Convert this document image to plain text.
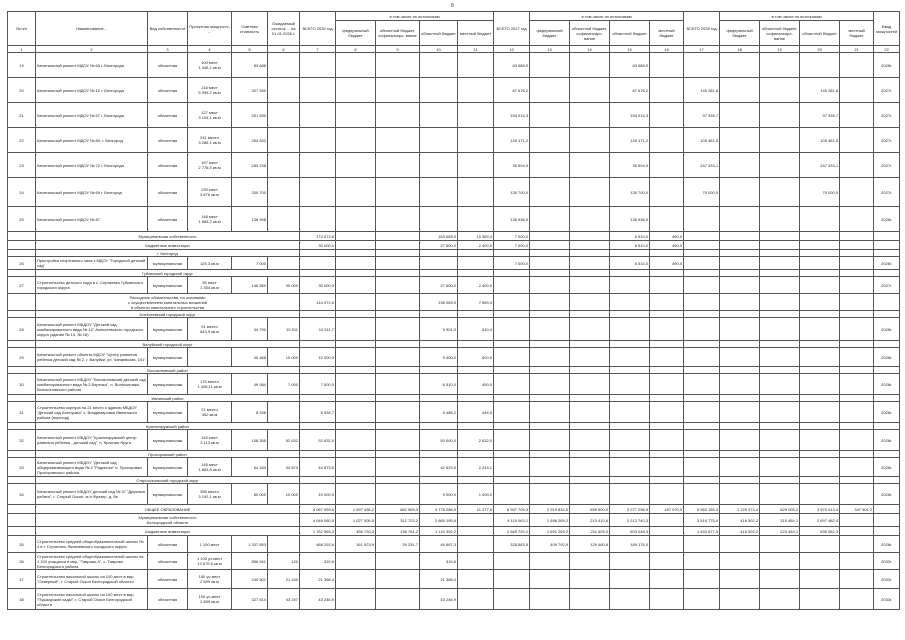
8
№ п/п	Наименование...	Вид собственности	Проектная мощность, ...	Сметная стоимость	Ожидаемый остаток ... на 01.01.2026 г.	ВСЕГО 2026 год	в том числе по источникам				ВСЕГО 2027 год	в том числе по источникам				ВСЕГО 2028 год	в том числе по источникам				Ввод мощностей
							федеральный бюджет	областной бюджет, софинансиро- вание	областной бюджет	местный бюджет		федеральный бюджет	областной бюджет, софинансиро- вание	областной бюджет	местный бюджет		федеральный бюджет	областной бюджет, софинансиро- вание	областной бюджет	местный бюджет	
1	2	3	4	5	6	7	8	9	10	11	12	13	14	15	16	17	18	19	20	21	22
19	Капитальный ремонт МДОУ № 65 г. Белгорода	областная	100 мест
1 346,1 кв.м	83 686							83 686,0			83 686,0							2026г.
20	Капитальный ремонт МДОУ № 12 г. Белгорода	областная	216 мест
5 099,2 кв.м	327 940							87 676,2			87 676,2		140 281,8			140 281,8		2027г.
21	Капитальный ремонт МДОУ № 57 г. Белгорода	областная	127 мест
3 104,1 кв.м	251 550							154 214,3			154 214,3		97 335,7			97 335,7		2027г.
22	Капитальный ремонт МДОУ № 80, г. Белгород	областная	241 место
3 285,1 кв.м	254 633							149 171,2			149 171,2		105 461,5			105 461,5		2027г.
23	Капитальный ремонт МДОУ № 72 г. Белгорода	областная	167 мест
2 776,5 кв.м	283 238							35 904,9			35 904,9		247 333,1			247 333,1		2027г.
24	Капитальный ремонт МДОУ № 69 г. Белгород	областная	230 мест
3 676 кв.м	200 700							130 700,0			130 700,0		70 000,0			70 000,0		2027г.
25	Капитальный ремонт МДОУ № 87	областная	148 мест
1 883,2 кв.м	138 998							138 998,0			138 998,0							2026г.
	Муниципальная собственность					174 072,6			163 665,0	10 369,3	7 000,0			6 510,0	490,0						
	Бюджетные инвестиции					30 000,0			27 600,0	2 400,0	7 000,0			6 510,0	490,0						
	г. Белгород																				
26	Пристройка спортивного зала к МДОУ "Городской детский сад"	муниципальная	125,3 кв.м	7 000							7 000,0			6 510,0	490,0						2026г.
	Губкинский городской округ																				
27	Строительство детского сада в с. Сергиевка Губкинского городского округа	муниципальная	55 мест
1 354 кв.м	146 550	30 000	30 000,0			27 600,0	2 400,0											2027г.
	Расходные обязательства, на основании
с осуществлением капитальных вложений
в объекты капитального строительства					144 072,6			136 065,0	7 969,3											
	Алексеевский городской округ																				
28	Капитальный ремонт МБДОУ "Детский сад комбинированного вида № 14" Алексеевского городского округа (здание № 14, № 18)	муниципальная	91 место
843,9 кв.м	34 790	10 511	10 511,7			9 901,3	610,4											2026г.
	Валуйский городской округ																				
29	Капитальный ремонт объекта МДОУ "Центр развития ребенка детский сад № 2, г. Валуйки, ул. Чапаевская, 101"	муниципальная		40 468	10 000	10 000,0			9 400,0	600,0											2026г.
	Волоконовский район																				
30	Капитальный ремонт МБДОУ "Волоконовский детский сад комбинированного вида № 3 Березка", п. Волоконовка, Волоконовского района	муниципальная	176 место
1 428,11 кв.м	49 984	7 000	7 000,0			6 510,0	490,0											2026г.
	Ивнянский район																				
31	Строительство корпуса на 21 место к зданию МБДОУ "Детский сад Аленушка" с. Владимировка Ивнянского района (переход)	муниципальная	21 место
452 кв.м	8 936		5 934,7			5 488,2	446,5											2026г.
	Краснояружский район																				
32	Капитальный ремонт МБДОУ "Краснояружский центр развития ребенка - детский сад", п. Красная Яруга	муниципальная	140 мест
3 113 кв.м	108 355	52 632	52 632,0			50 000,0	2 632,0											2026г.
	Прохоровский район																				
33	Капитальный ремонт МБДОУ "Детский сад общеразвивающего вида № 2 "Родничок" п. Прохоровка Прохоровского района	муниципальная	145 мест
1 863,8 кв.м	64 183	44 873	44 873,6			42 629,5	2 244,1											2026г.
	Старооскольский городской округ																				
34	Капитальный ремонт МБДОУ детский сад № 37 "Дружные ребята", г. Старый Оскол, м-н Фрезер, д. 5е	муниципальная	356 место
3 192,1 кв.м	80 000	10 000	10 000,0			9 000,0	1 000,0											2026г.
	ОБЩЕЕ ОБРАЗОВАНИЕ					6 067 959,6	1 697 436,2	682 959,3	3 776 286,9	11 277,6	6 997 709,3	2 919 832,0	659 500,0	3 277 296,9	187 070,0	5 962 155,3	1 229 274,4	829 005,2	3 970 013,4	347 901,2	
	Муниципальная собственность
Белгородской области					4 049 060,0	1 027 005,5	312 722,2	2 680 195,6		4 119 063,1	1 696 269,2	213 410,6	2 212 740,3		3 516 775,0	416 502,2	319 484,1	2 697 482,4		
	Бюджетные инвестиции					1 762 963,3	456 730,3	136 761,2	1 110 392,2		2 569 720,1	1 691 265,2	211 405,0	603 048,3		1 453 677,5	416 502,2	223 484,1	635 962,3		
35	Строительство средней общеобразовательной школы № 4 в г. Строитель Яковлевского городского округа	областная	1 100 мест	1 337 853		488 292,6	161 923,9	39 251,7	46 867,3		328 583,5	409 792,9	129 480,6	189 176,0							2026г.
36	Строительство средней общеобразовательной школы на 1 100 учащихся в мкр. "Таврово-4", с. Таврово Белгородского района	областная	1 100 уч.мест
13 679,5 кв.м	856 941	120	319,6			319,6												2032г.
37	Строительство начальной школы на 100 мест в мкр. "Северный", г. Старый Оскол Белгородской области	областная	100 уч.мест
2 899 кв.м	240 501	21 160	21 368,4			21 368,4												2032г.
38	Строительство начальной школы на 100 мест в мкр. "Пушкарские сады", г. Старый Оскол Белгородской области	областная	100 уч.мест
2 899 кв.м	327 814	43 247	43 246,9			43 246,9												2033г.
